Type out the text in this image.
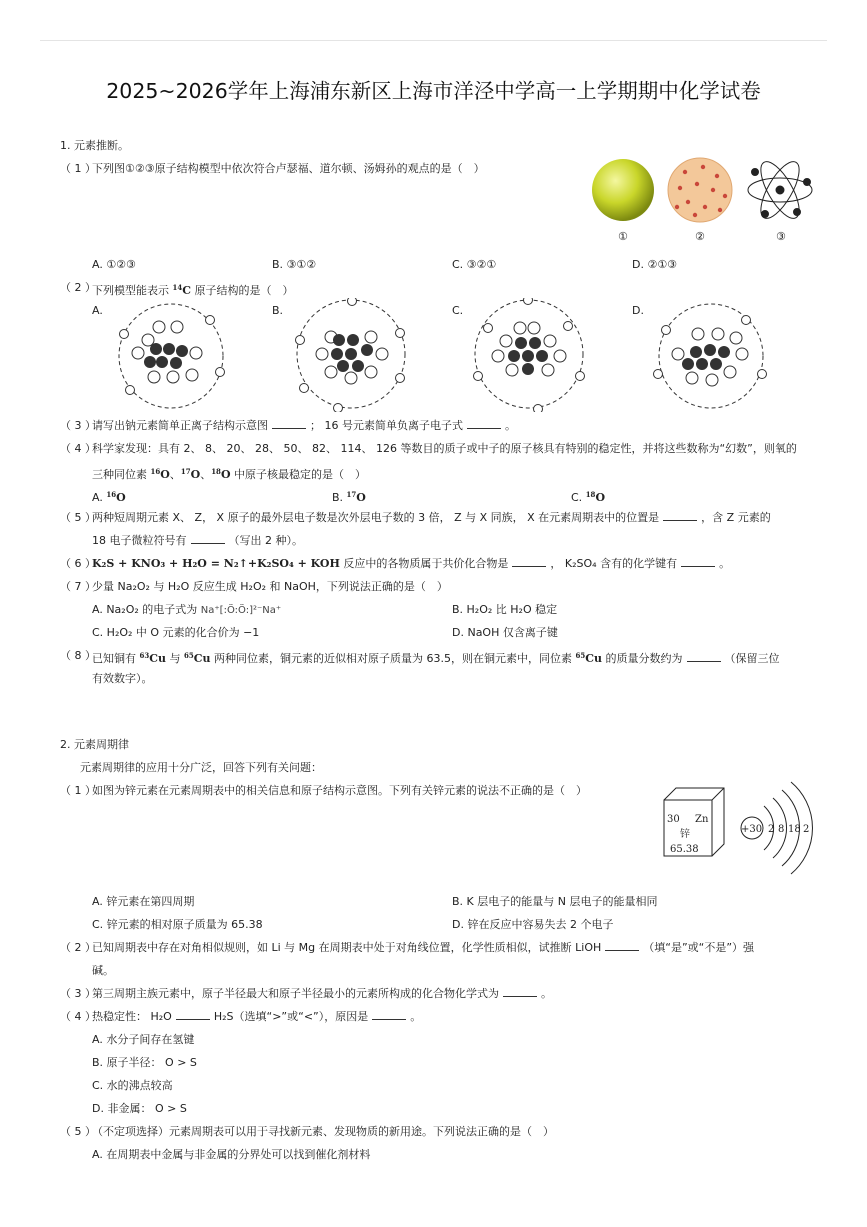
2025~2026学年上海浦东新区上海市洋泾中学高一上学期期中化学试卷
1. 元素推断。
（ 1 ）
下列图①②③原子结构模型中依次符合卢瑟福、道尔顿、汤姆孙的观点的是（　）
①	②	③
A. ①②③	B. ③①②	C. ③②①	D. ②①③
（ 2 ）
下列模型能表示 $^{14}$C 原子结构的是（　）
A.	B.	C.	D.
（ 3 ）
请写出钠元素简单正离子结构示意图	； 16 号元素简单负离子电子式	。
（ 4 ）
科学家发现：具有 2、 8、 20、 28、 50、 82、 114、 126 等数目的质子或中子的原子核具有特别的稳定性，并将这些数称为“幻数”，则氧的
三种同位素 $^{16}$O、$^{17}$O、$^{18}$O 中原子核最稳定的是（　）
A. $^{16}$O	B. $^{17}$O	C. $^{18}$O
（ 5 ）
两种短周期元素 X、 Z， X 原子的最外层电子数是次外层电子数的 3 倍， Z 与 X 同族， X 在元素周期表中的位置是	，含 Z 元素的
18 电子微粒符号有	（写出 2 种）。
（ 6 ）
K₂S + KNO₃ + H₂O = N₂↑+K₂SO₄ + KOH 反应中的各物质属于共价化合物是	， K₂SO₄ 含有的化学键有	。
（ 7 ）
少量 Na₂O₂ 与 H₂O 反应生成 H₂O₂ 和 NaOH，下列说法正确的是（　）
A. Na₂O₂ 的电子式为 Na⁺[:Ö:Ö:]²⁻Na⁺	B. H₂O₂ 比 H₂O 稳定
C. H₂O₂ 中 O 元素的化合价为 −1	D. NaOH 仅含离子键
（ 8 ）
已知铜有 $^{63}$Cu 与 $^{65}$Cu 两种同位素，铜元素的近似相对原子质量为 63.5，则在铜元素中，同位素 $^{65}$Cu 的质量分数约为	（保留三位
有效数字）。
2. 元素周期律
元素周期律的应用十分广泛，回答下列有关问题：
（ 1 ）
如图为锌元素在元素周期表中的相关信息和原子结构示意图。下列有关锌元素的说法不正确的是（　）
30 Zn
锌
65.38
+30 2 8 18 2
A. 锌元素在第四周期	B. K 层电子的能量与 N 层电子的能量相同
C. 锌元素的相对原子质量为 65.38	D. 锌在反应中容易失去 2 个电子
（ 2 ）
已知周期表中存在对角相似规则，如 Li 与 Mg 在周期表中处于对角线位置，化学性质相似，试推断 LiOH	（填“是”或“不是”）强
碱。
（ 3 ）
第三周期主族元素中，原子半径最大和原子半径最小的元素所构成的化合物化学式为	。
（ 4 ）
热稳定性： H₂O	H₂S（选填“>”或“<”），原因是	。
A. 水分子间存在氢键
B. 原子半径： O > S
C. 水的沸点较高
D. 非金属： O > S
（ 5 ）
（不定项选择）元素周期表可以用于寻找新元素、发现物质的新用途。下列说法正确的是（　）
A. 在周期表中金属与非金属的分界处可以找到催化剂材料
